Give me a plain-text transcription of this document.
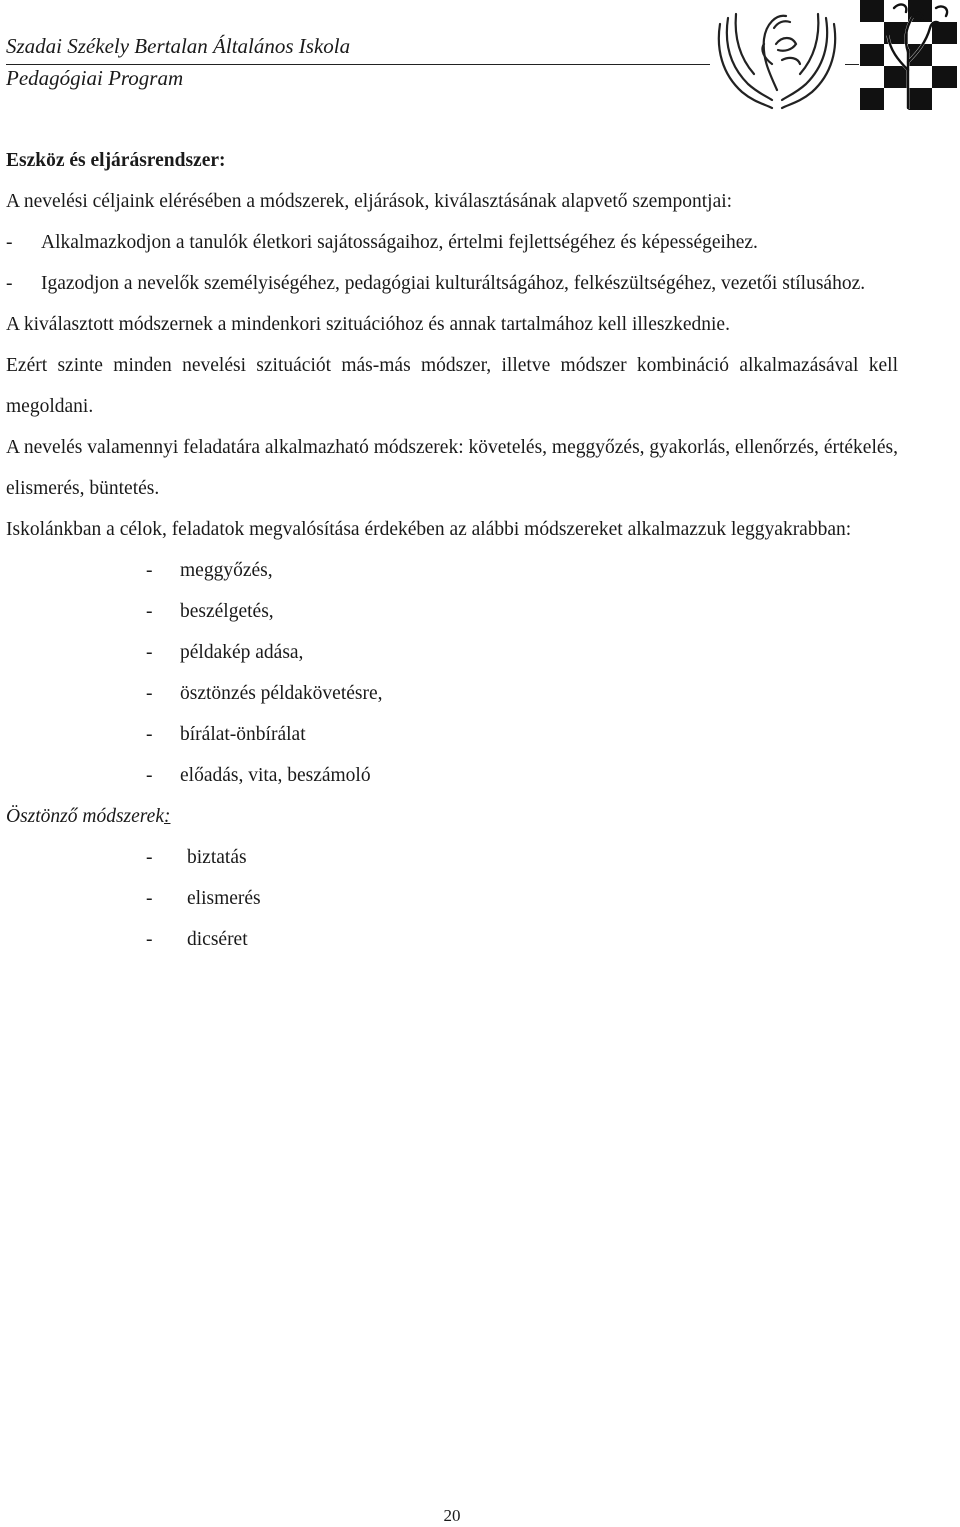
Szadai Székely Bertalan Általános Iskola
Pedagógiai Program

Eszköz és eljárásrendszer:

A nevelési céljaink elérésében a módszerek, eljárások, kiválasztásának alapvető szempontjai:

- Alkalmazkodjon a tanulók életkori sajátosságaihoz, értelmi fejlettségéhez és képességeihez.

- Igazodjon a nevelők személyiségéhez, pedagógiai kulturáltságához, felkészültségéhez, vezetői stílusához.

A kiválasztott módszernek a mindenkori szituációhoz és annak tartalmához kell illeszkednie.

Ezért szinte minden nevelési szituációt más-más módszer, illetve módszer kombináció alkalmazásával kell megoldani.

A nevelés valamennyi feladatára alkalmazható módszerek: követelés, meggyőzés, gyakorlás, ellenőrzés, értékelés, elismerés, büntetés.

Iskolánkban a célok, feladatok megvalósítása érdekében az alábbi módszereket alkalmazzuk leggyakrabban:

- meggyőzés,
- beszélgetés,
- példakép adása,
- ösztönzés példakövetésre,
- bírálat-önbírálat
- előadás, vita, beszámoló

Ösztönző módszerek:

- biztatás
- elismerés
- dicséret
20
